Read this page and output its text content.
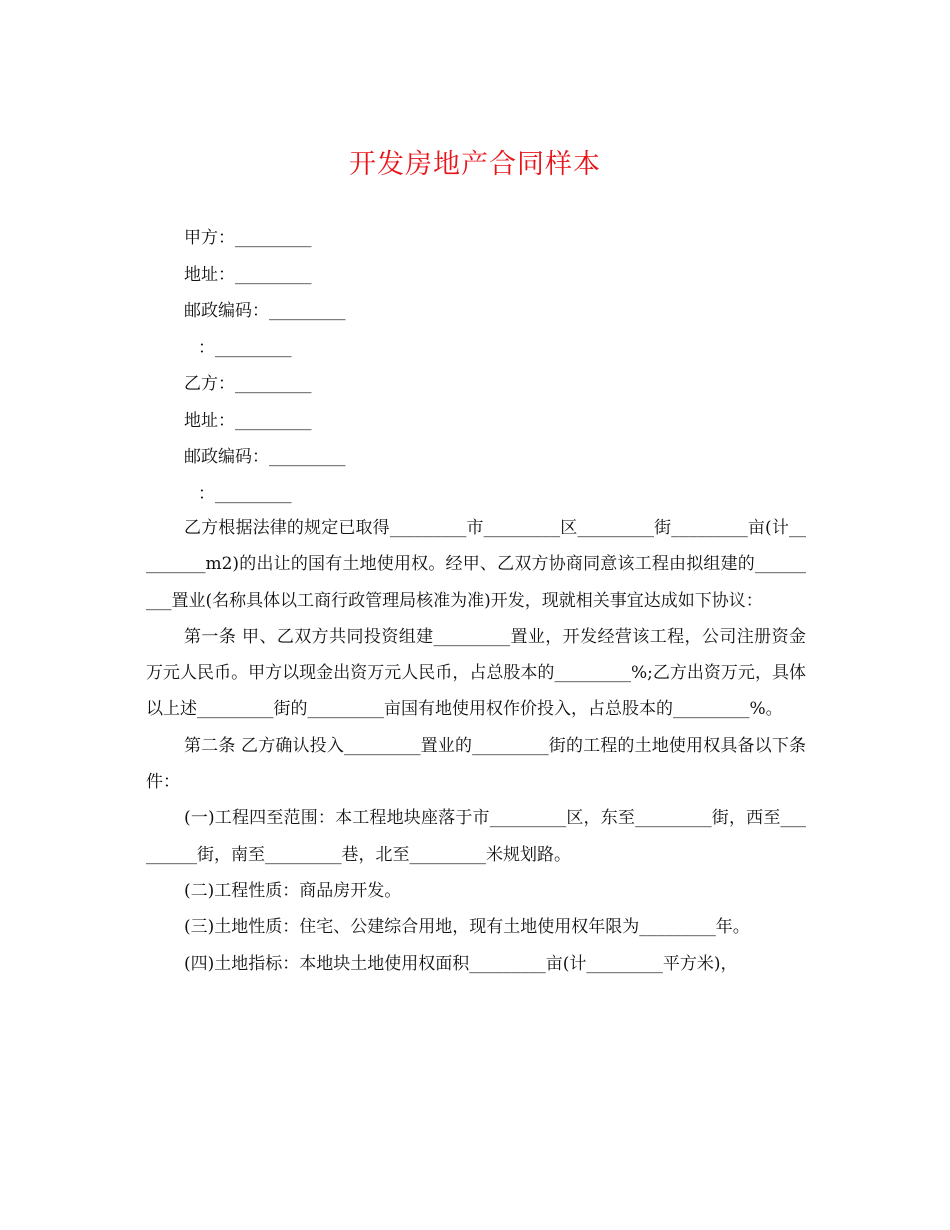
开发房地产合同样本
甲方：_________
地址：_________
邮政编码：_________
：_________
乙方：_________
地址：_________
邮政编码：_________
：_________

乙方根据法律的规定已取得_________市_________区_________街_________亩(计_________m2)的出让的国有土地使用权。经甲、乙双方协商同意该工程由拟组建的_________置业(名称具体以工商行政管理局核准为准)开发，现就相关事宜达成如下协议：

第一条 甲、乙双方共同投资组建_________置业，开发经营该工程，公司注册资金万元人民币。甲方以现金出资万元人民币，占总股本的_________%;乙方出资万元，具体以上述_________街的_________亩国有地使用权作价投入，占总股本的_________%。

第二条 乙方确认投入_________置业的_________街的工程的土地使用权具备以下条件：

(一)工程四至范围：本工程地块座落于市_________区，东至_________街，西至_________街，南至_________巷，北至_________米规划路。

(二)工程性质：商品房开发。

(三)土地性质：住宅、公建综合用地，现有土地使用权年限为_________年。

(四)土地指标：本地块土地使用权面积_________亩(计_________平方米)，
